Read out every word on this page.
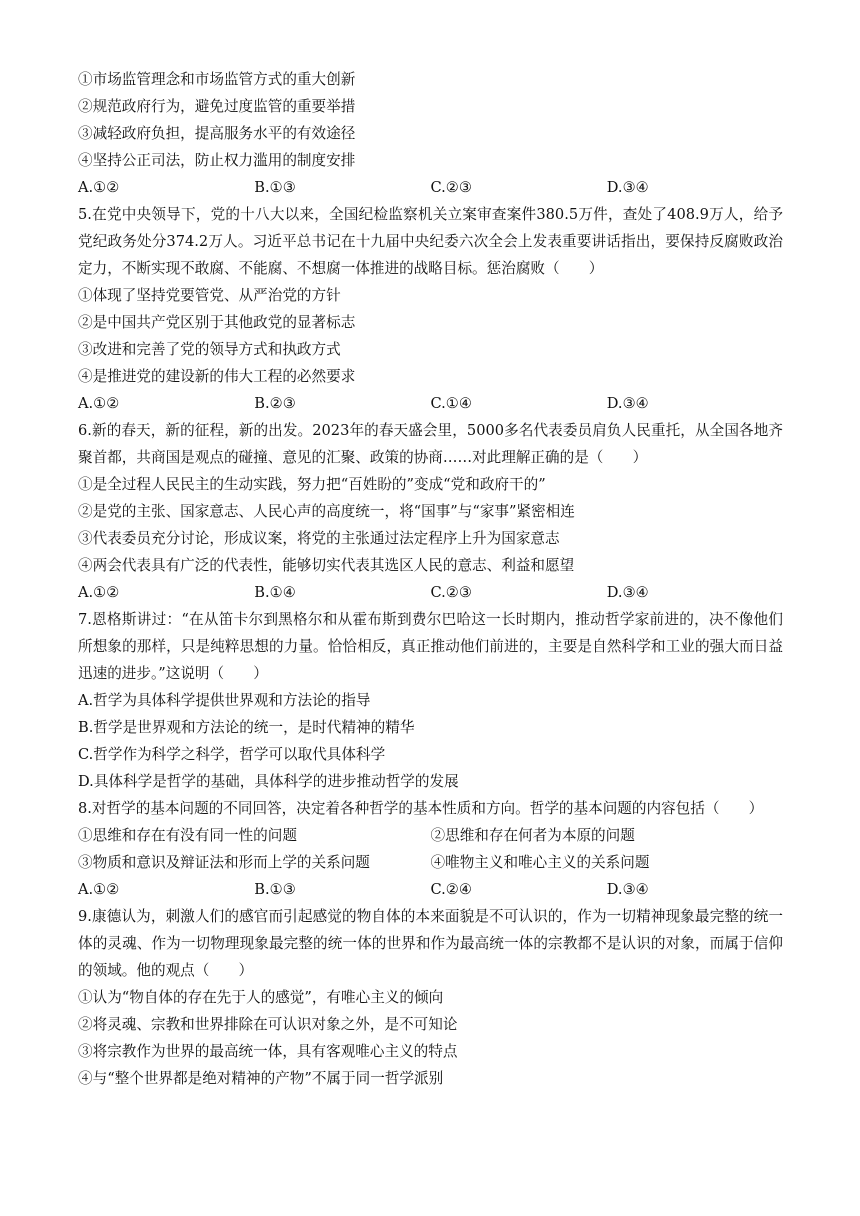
①市场监管理念和市场监管方式的重大创新
②规范政府行为，避免过度监管的重要举措
③减轻政府负担，提高服务水平的有效途径
④坚持公正司法，防止权力滥用的制度安排
A.①②	B.①③	C.②③	D.③④
5.在党中央领导下，党的十八大以来，全国纪检监察机关立案审查案件380.5万件，查处了408.9万人，给予党纪政务处分374.2万人。习近平总书记在十九届中央纪委六次全会上发表重要讲话指出，要保持反腐败政治定力，不断实现不敢腐、不能腐、不想腐一体推进的战略目标。惩治腐败（　　）
①体现了坚持党要管党、从严治党的方针
②是中国共产党区别于其他政党的显著标志
③改进和完善了党的领导方式和执政方式
④是推进党的建设新的伟大工程的必然要求
A.①②	B.②③	C.①④	D.③④
6.新的春天，新的征程，新的出发。2023年的春天盛会里，5000多名代表委员肩负人民重托，从全国各地齐聚首都，共商国是观点的碰撞、意见的汇聚、政策的协商……对此理解正确的是（　　）
①是全过程人民民主的生动实践，努力把“百姓盼的”变成“党和政府干的”
②是党的主张、国家意志、人民心声的高度统一，将“国事”与“家事”紧密相连
③代表委员充分讨论，形成议案，将党的主张通过法定程序上升为国家意志
④两会代表具有广泛的代表性，能够切实代表其选区人民的意志、利益和愿望
A.①②	B.①④	C.②③	D.③④
7.恩格斯讲过：“在从笛卡尔到黑格尔和从霍布斯到费尔巴哈这一长时期内，推动哲学家前进的，决不像他们所想象的那样，只是纯粹思想的力量。恰恰相反，真正推动他们前进的，主要是自然科学和工业的强大而日益迅速的进步。”这说明（　　）
A.哲学为具体科学提供世界观和方法论的指导
B.哲学是世界观和方法论的统一，是时代精神的精华
C.哲学作为科学之科学，哲学可以取代具体科学
D.具体科学是哲学的基础，具体科学的进步推动哲学的发展
8.对哲学的基本问题的不同回答，决定着各种哲学的基本性质和方向。哲学的基本问题的内容包括（　　）
①思维和存在有没有同一性的问题	②思维和存在何者为本原的问题
③物质和意识及辩证法和形而上学的关系问题	④唯物主义和唯心主义的关系问题
A.①②	B.①③	C.②④	D.③④
9.康德认为，刺激人们的感官而引起感觉的物自体的本来面貌是不可认识的，作为一切精神现象最完整的统一体的灵魂、作为一切物理现象最完整的统一体的世界和作为最高统一体的宗教都不是认识的对象，而属于信仰的领域。他的观点（　　）
①认为“物自体的存在先于人的感觉”，有唯心主义的倾向
②将灵魂、宗教和世界排除在可认识对象之外，是不可知论
③将宗教作为世界的最高统一体，具有客观唯心主义的特点
④与“整个世界都是绝对精神的产物”不属于同一哲学派别
